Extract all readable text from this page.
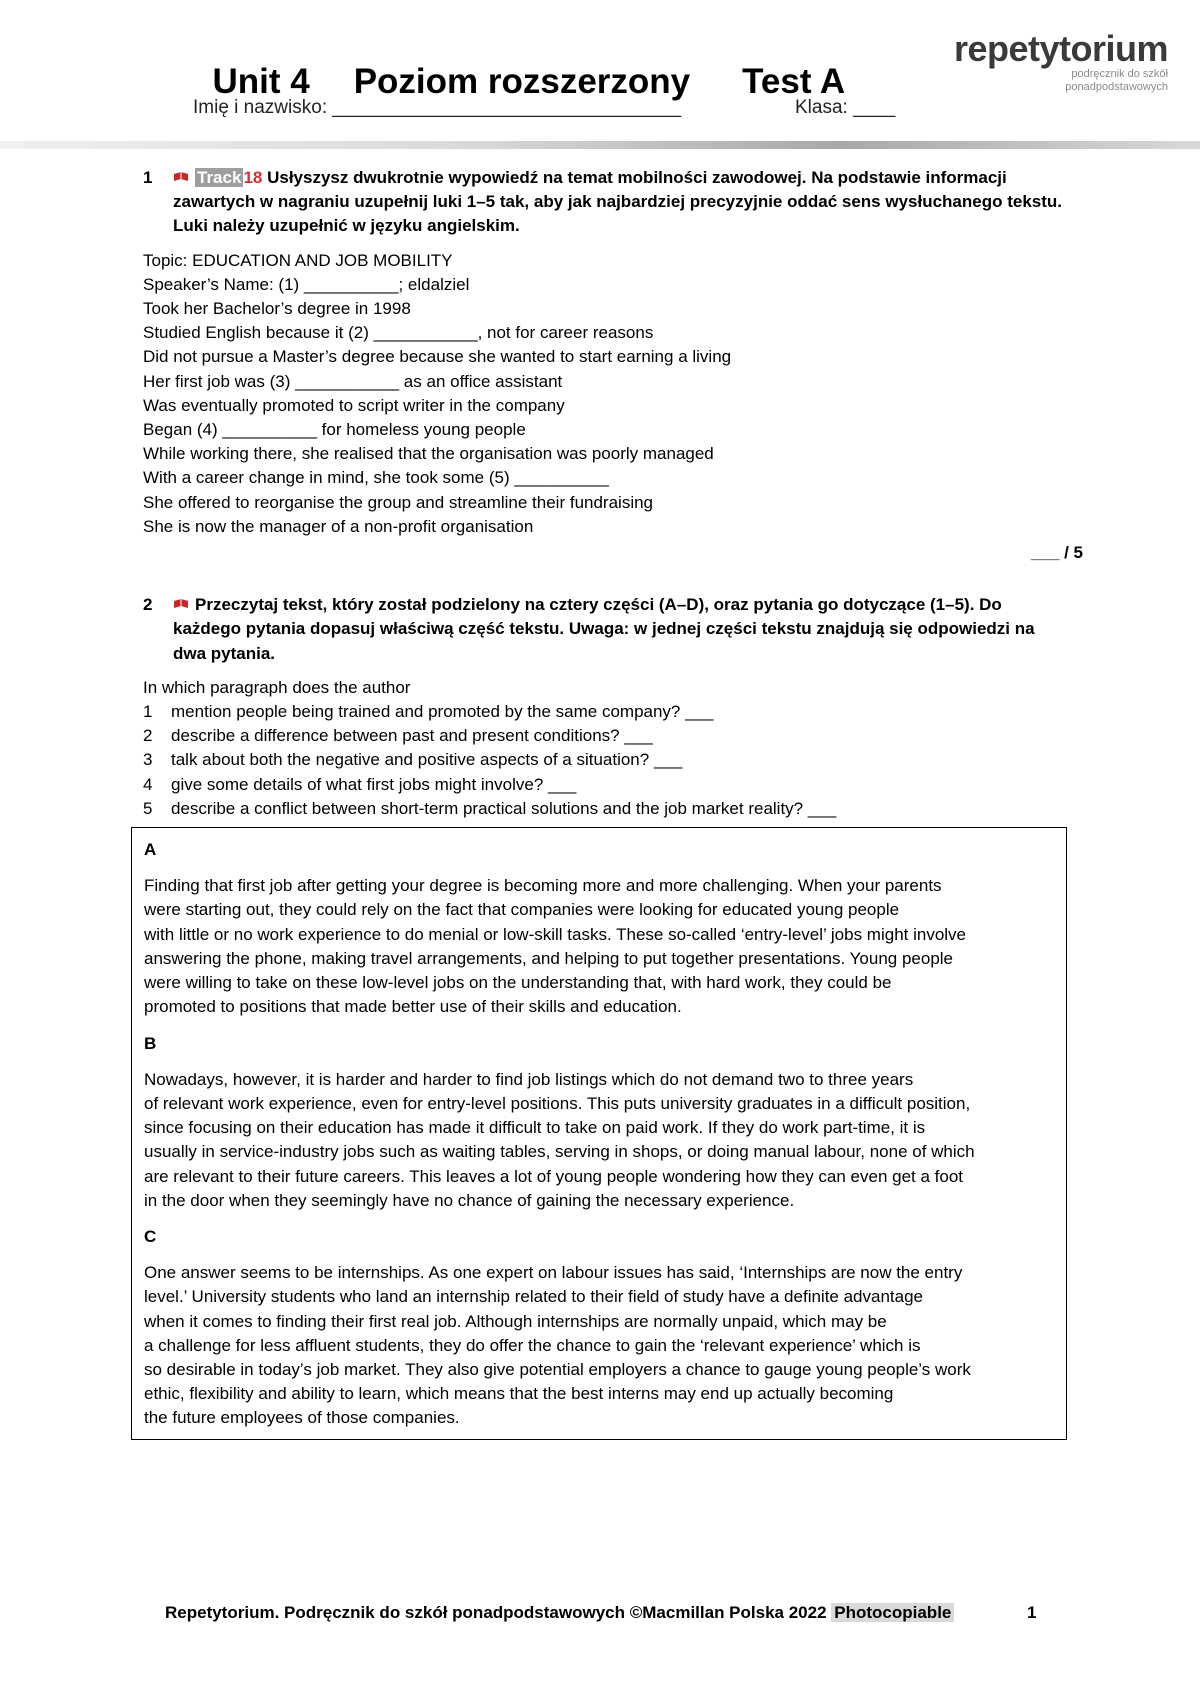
Unit 4 Poziom rozszerzony Test A

Imię i nazwisko: _________________________________	Klasa: ____
repetytorium
podręcznik do szkół
ponadpodstawowych
1	Track 18 Usłyszysz dwukrotnie wypowiedź na temat mobilności zawodowej. Na podstawie informacji zawartych w nagraniu uzupełnij luki 1–5 tak, aby jak najbardziej precyzyjnie oddać sens wysłuchanego tekstu. Luki należy uzupełnić w języku angielskim.
Topic: EDUCATION AND JOB MOBILITY
Speaker’s Name: (1) __________; eldalziel
Took her Bachelor’s degree in 1998
Studied English because it (2) ___________, not for career reasons
Did not pursue a Master’s degree because she wanted to start earning a living
Her first job was (3) ___________ as an office assistant
Was eventually promoted to script writer in the company
Began (4) __________ for homeless young people
While working there, she realised that the organisation was poorly managed
With a career change in mind, she took some (5) __________
She offered to reorganise the group and streamline their fundraising
She is now the manager of a non-profit organisation
___ / 5
2	Przeczytaj tekst, który został podzielony na cztery części (A–D), oraz pytania go dotyczące (1–5). Do każdego pytania dopasuj właściwą część tekstu. Uwaga: w jednej części tekstu znajdują się odpowiedzi na dwa pytania.
In which paragraph does the author
1 mention people being trained and promoted by the same company? ___
2 describe a difference between past and present conditions? ___
3 talk about both the negative and positive aspects of a situation? ___
4 give some details of what first jobs might involve? ___
5 describe a conflict between short-term practical solutions and the job market reality? ___
A
Finding that first job after getting your degree is becoming more and more challenging. When your parents
were starting out, they could rely on the fact that companies were looking for educated young people
with little or no work experience to do menial or low-skill tasks. These so-called ‘entry-level’ jobs might involve
answering the phone, making travel arrangements, and helping to put together presentations. Young people
were willing to take on these low-level jobs on the understanding that, with hard work, they could be
promoted to positions that made better use of their skills and education.
B
Nowadays, however, it is harder and harder to find job listings which do not demand two to three years
of relevant work experience, even for entry-level positions. This puts university graduates in a difficult position,
since focusing on their education has made it difficult to take on paid work. If they do work part-time, it is
usually in service-industry jobs such as waiting tables, serving in shops, or doing manual labour, none of which
are relevant to their future careers. This leaves a lot of young people wondering how they can even get a foot
in the door when they seemingly have no chance of gaining the necessary experience.
C
One answer seems to be internships. As one expert on labour issues has said, ‘Internships are now the entry
level.’ University students who land an internship related to their field of study have a definite advantage
when it comes to finding their first real job. Although internships are normally unpaid, which may be
a challenge for less affluent students, they do offer the chance to gain the ‘relevant experience’ which is
so desirable in today’s job market. They also give potential employers a chance to gauge young people’s work
ethic, flexibility and ability to learn, which means that the best interns may end up actually becoming
the future employees of those companies.
Repetytorium. Podręcznik do szkół ponadpodstawowych ©Macmillan Polska 2022 Photocopiable	1
